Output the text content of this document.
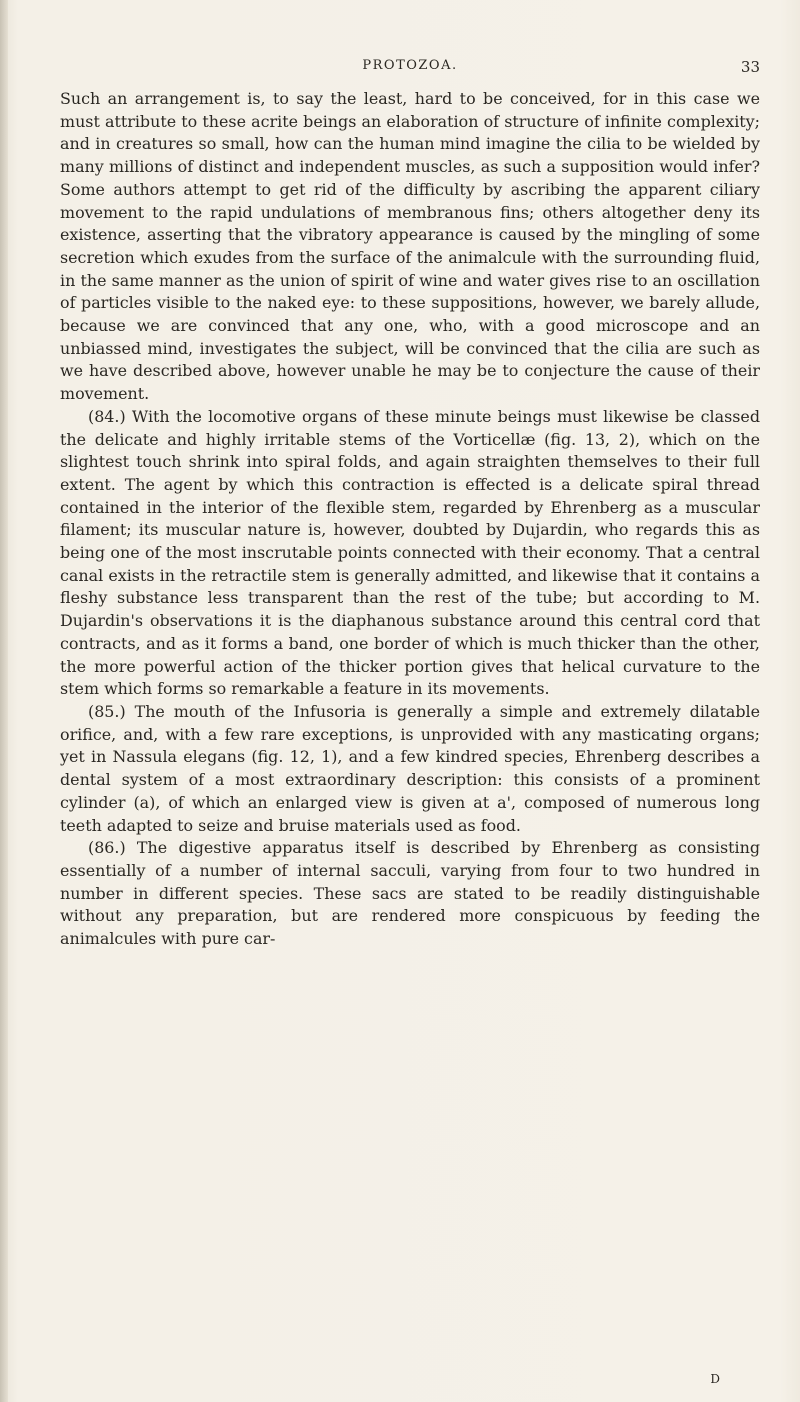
PROTOZOA.	33

Such an arrangement is, to say the least, hard to be conceived, for in this case we must attribute to these acrite beings an elaboration of structure of infinite complexity; and in creatures so small, how can the human mind imagine the cilia to be wielded by many millions of distinct and independent muscles, as such a supposition would infer? Some authors attempt to get rid of the difficulty by ascribing the apparent ciliary movement to the rapid undulations of membranous fins; others altogether deny its existence, asserting that the vibratory appearance is caused by the mingling of some secretion which exudes from the surface of the animalcule with the surrounding fluid, in the same manner as the union of spirit of wine and water gives rise to an oscillation of particles visible to the naked eye: to these suppositions, however, we barely allude, because we are convinced that any one, who, with a good microscope and an unbiassed mind, investigates the subject, will be convinced that the cilia are such as we have described above, however unable he may be to conjecture the cause of their movement.

(84.) With the locomotive organs of these minute beings must likewise be classed the delicate and highly irritable stems of the Vorticellæ (fig. 13, 2), which on the slightest touch shrink into spiral folds, and again straighten themselves to their full extent. The agent by which this contraction is effected is a delicate spiral thread contained in the interior of the flexible stem, regarded by Ehrenberg as a muscular filament; its muscular nature is, however, doubted by Dujardin, who regards this as being one of the most inscrutable points connected with their economy. That a central canal exists in the retractile stem is generally admitted, and likewise that it contains a fleshy substance less transparent than the rest of the tube; but according to M. Dujardin's observations it is the diaphanous substance around this central cord that contracts, and as it forms a band, one border of which is much thicker than the other, the more powerful action of the thicker portion gives that helical curvature to the stem which forms so remarkable a feature in its movements.

(85.) The mouth of the Infusoria is generally a simple and extremely dilatable orifice, and, with a few rare exceptions, is unprovided with any masticating organs; yet in Nassula elegans (fig. 12, 1), and a few kindred species, Ehrenberg describes a dental system of a most extraordinary description: this consists of a prominent cylinder (a), of which an enlarged view is given at a', composed of numerous long teeth adapted to seize and bruise materials used as food.

(86.) The digestive apparatus itself is described by Ehrenberg as consisting essentially of a number of internal sacculi, varying from four to two hundred in number in different species. These sacs are stated to be readily distinguishable without any preparation, but are rendered more conspicuous by feeding the animalcules with pure car-

D
